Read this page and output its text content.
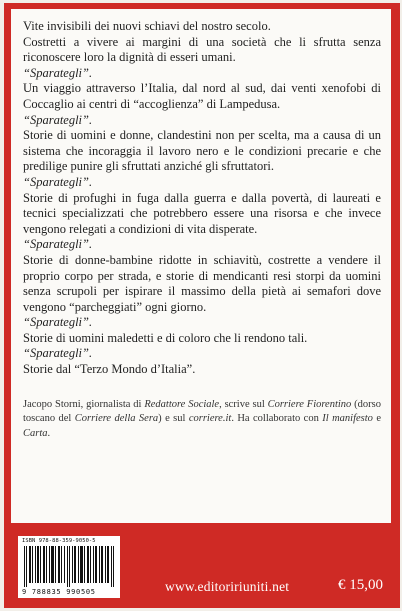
Vite invisibili dei nuovi schiavi del nostro secolo.

Costretti a vivere ai margini di una società che li sfrutta senza riconoscere loro la dignità di esseri umani.

“Sparategli”.

Un viaggio attraverso l’Italia, dal nord al sud, dai venti xenofobi di Coccaglio ai centri di “accoglienza” di Lampedusa.

“Sparategli”.

Storie di uomini e donne, clandestini non per scelta, ma a causa di un sistema che incoraggia il lavoro nero e le condizioni precarie e che predilige punire gli sfruttati anziché gli sfruttatori.

“Sparategli”.

Storie di profughi in fuga dalla guerra e dalla povertà, di laureati e tecnici specializzati che potrebbero essere una risorsa e che invece vengono relegati a condizioni di vita disperate.

“Sparategli”.

Storie di donne-bambine ridotte in schiavitù, costrette a vendere il proprio corpo per strada, e storie di mendicanti resi storpi da uomini senza scrupoli per ispirare il massimo della pietà ai semafori dove vengono “parcheggiati” ogni giorno.

“Sparategli”.

Storie di uomini maledetti e di coloro che li rendono tali.

“Sparategli”.

Storie dal “Terzo Mondo d’Italia”.

Jacopo Storni, giornalista di Redattore Sociale, scrive sul Corriere Fiorentino (dorso toscano del Corriere della Sera) e sul corriere.it. Ha collaborato con Il manifesto e Carta.
ISBN 978-88-359-9050-5
9 788835 990505	www.editoririuniti.net	€ 15,00
